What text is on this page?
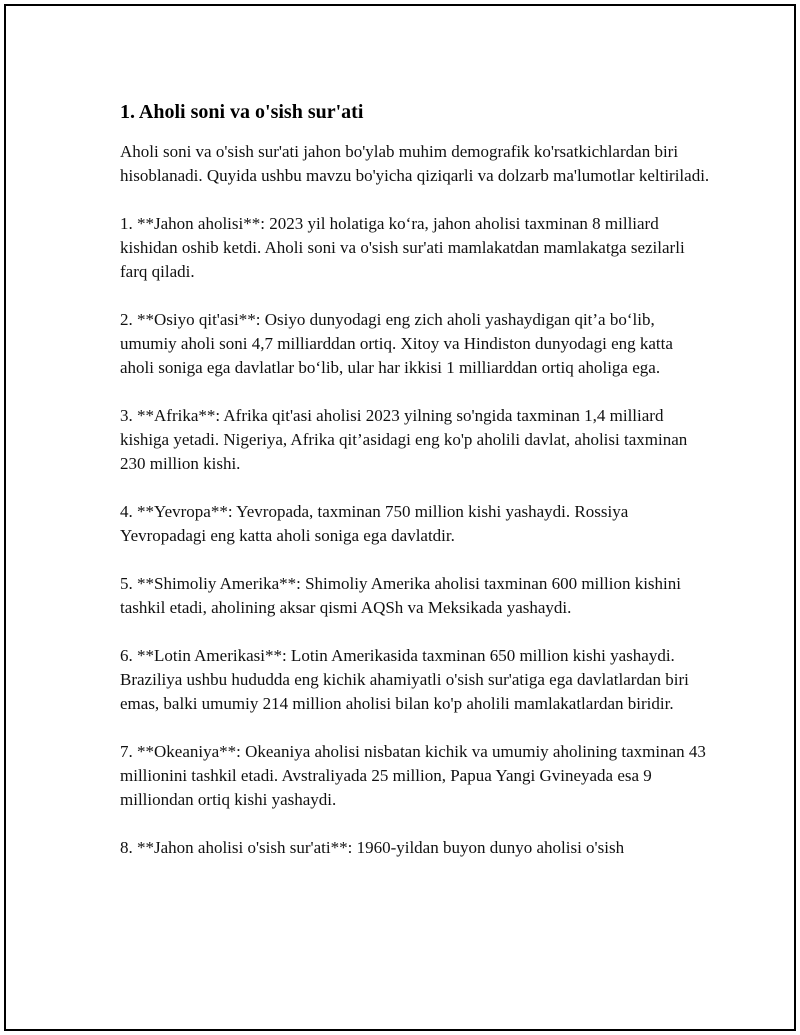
1. Aholi soni va o'sish sur'ati

Aholi soni va o'sish sur'ati jahon bo'ylab muhim demografik ko'rsatkichlardan biri hisoblanadi. Quyida ushbu mavzu bo'yicha qiziqarli va dolzarb ma'lumotlar keltiriladi.

1. **Jahon aholisi**: 2023 yil holatiga ko‘ra, jahon aholisi taxminan 8 milliard kishidan oshib ketdi. Aholi soni va o'sish sur'ati mamlakatdan mamlakatga sezilarli farq qiladi.

2. **Osiyo qit'asi**: Osiyo dunyodagi eng zich aholi yashaydigan qit’a bo‘lib, umumiy aholi soni 4,7 milliarddan ortiq. Xitoy va Hindiston dunyodagi eng katta aholi soniga ega davlatlar bo‘lib, ular har ikkisi 1 milliarddan ortiq aholiga ega.

3. **Afrika**: Afrika qit'asi aholisi 2023 yilning so'ngida taxminan 1,4 milliard kishiga yetadi. Nigeriya, Afrika qit’asidagi eng ko'p aholili davlat, aholisi taxminan 230 million kishi.

4. **Yevropa**: Yevropada, taxminan 750 million kishi yashaydi. Rossiya Yevropadagi eng katta aholi soniga ega davlatdir.

5. **Shimoliy Amerika**: Shimoliy Amerika aholisi taxminan 600 million kishini tashkil etadi, aholining aksar qismi AQSh va Meksikada yashaydi.

6. **Lotin Amerikasi**: Lotin Amerikasida taxminan 650 million kishi yashaydi. Braziliya ushbu hududda eng kichik ahamiyatli o'sish sur'atiga ega davlatlardan biri emas, balki umumiy 214 million aholisi bilan ko'p aholili mamlakatlardan biridir.

7. **Okeaniya**: Okeaniya aholisi nisbatan kichik va umumiy aholining taxminan 43 millionini tashkil etadi. Avstraliyada 25 million, Papua Yangi Gvineyada esa 9 milliondan ortiq kishi yashaydi.

8. **Jahon aholisi o'sish sur'ati**: 1960-yildan buyon dunyo aholisi o'sish
